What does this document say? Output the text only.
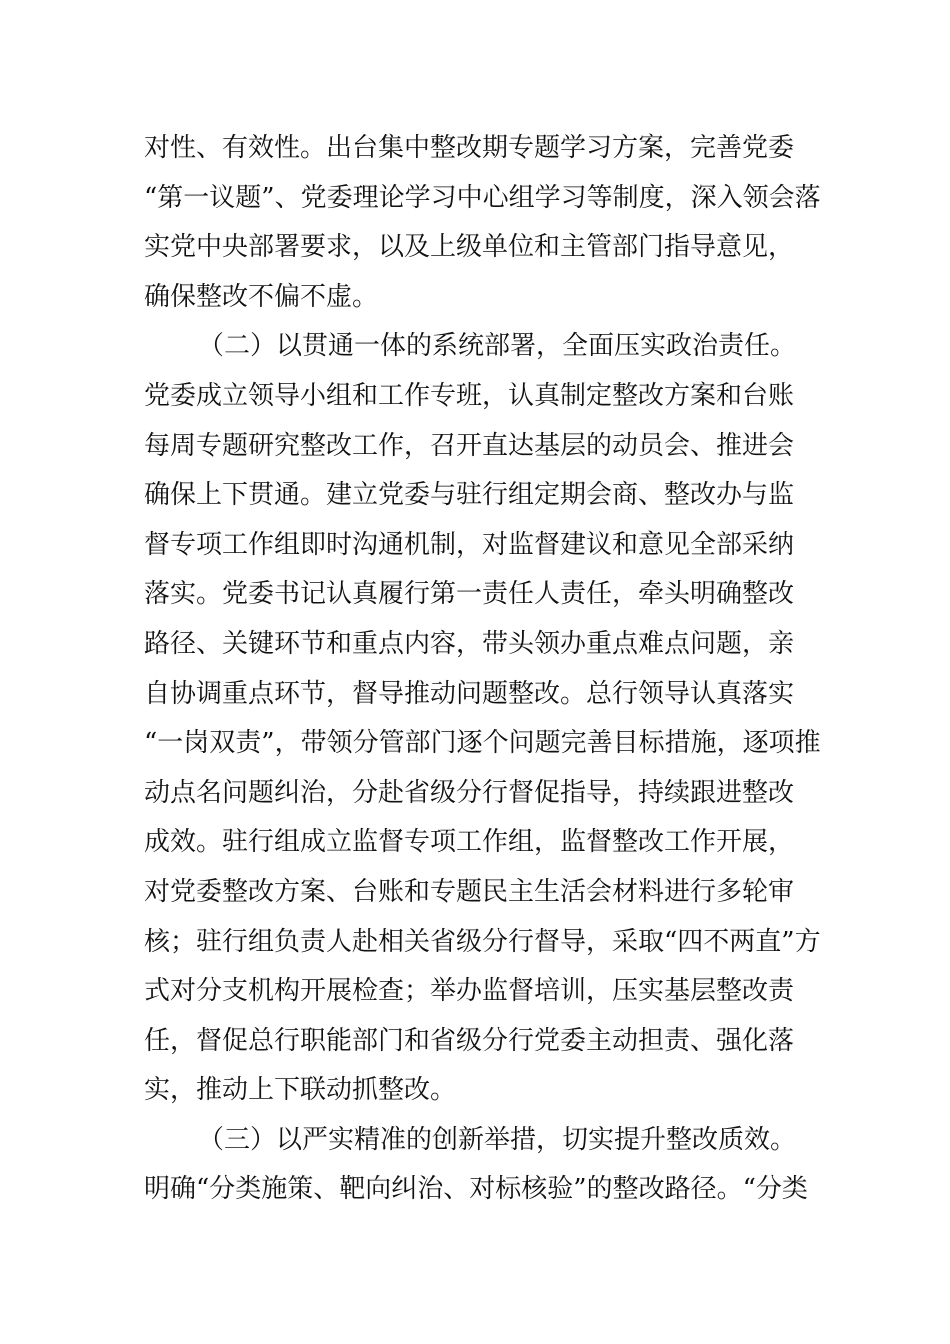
对性、有效性。出台集中整改期专题学习方案，完善党委
“第一议题”、党委理论学习中心组学习等制度，深入领会落
实党中央部署要求，以及上级单位和主管部门指导意见，
确保整改不偏不虚。
（二）以贯通一体的系统部署，全面压实政治责任。
党委成立领导小组和工作专班，认真制定整改方案和台账
每周专题研究整改工作，召开直达基层的动员会、推进会
确保上下贯通。建立党委与驻行组定期会商、整改办与监
督专项工作组即时沟通机制，对监督建议和意见全部采纳
落实。党委书记认真履行第一责任人责任，牵头明确整改
路径、关键环节和重点内容，带头领办重点难点问题，亲
自协调重点环节，督导推动问题整改。总行领导认真落实
“一岗双责”，带领分管部门逐个问题完善目标措施，逐项推
动点名问题纠治，分赴省级分行督促指导，持续跟进整改
成效。驻行组成立监督专项工作组，监督整改工作开展，
对党委整改方案、台账和专题民主生活会材料进行多轮审
核；驻行组负责人赴相关省级分行督导，采取“四不两直”方
式对分支机构开展检查；举办监督培训，压实基层整改责
任，督促总行职能部门和省级分行党委主动担责、强化落
实，推动上下联动抓整改。
（三）以严实精准的创新举措，切实提升整改质效。
明确“分类施策、靶向纠治、对标核验”的整改路径。“分类
